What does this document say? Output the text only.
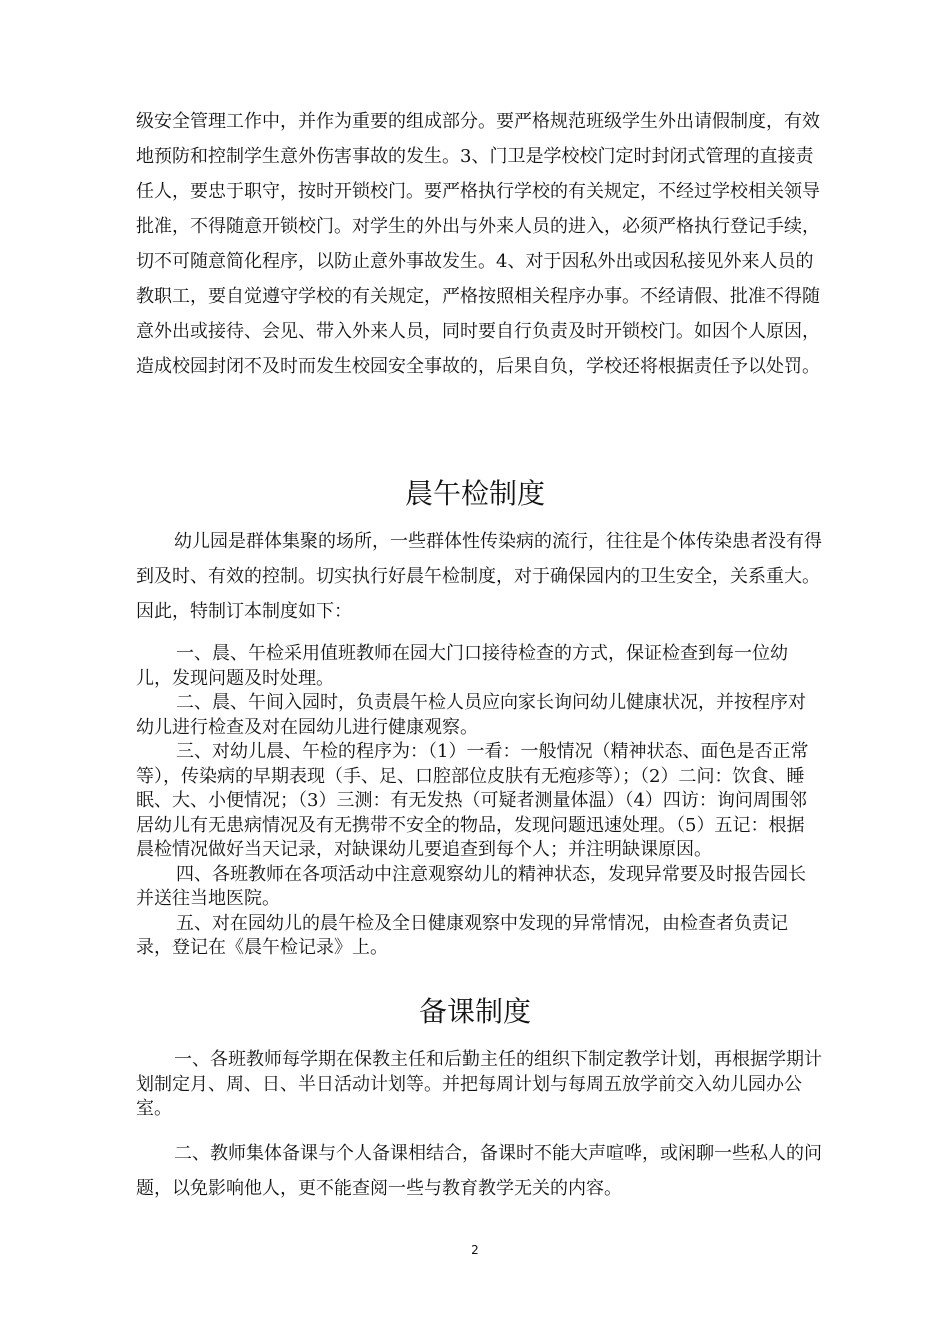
级安全管理工作中，并作为重要的组成部分。要严格规范班级学生外出请假制度，有效地预防和控制学生意外伤害事故的发生。3、门卫是学校校门定时封闭式管理的直接责任人，要忠于职守，按时开锁校门。要严格执行学校的有关规定，不经过学校相关领导批准，不得随意开锁校门。对学生的外出与外来人员的进入，必须严格执行登记手续，切不可随意简化程序，以防止意外事故发生。4、对于因私外出或因私接见外来人员的教职工，要自觉遵守学校的有关规定，严格按照相关程序办事。不经请假、批准不得随意外出或接待、会见、带入外来人员，同时要自行负责及时开锁校门。如因个人原因，造成校园封闭不及时而发生校园安全事故的，后果自负，学校还将根据责任予以处罚。

晨午检制度

幼儿园是群体集聚的场所，一些群体性传染病的流行，往往是个体传染患者没有得到及时、有效的控制。切实执行好晨午检制度，对于确保园内的卫生安全，关系重大。因此，特制订本制度如下：

一、晨、午检采用值班教师在园大门口接待检查的方式，保证检查到每一位幼儿，发现问题及时处理。

二、晨、午间入园时，负责晨午检人员应向家长询问幼儿健康状况，并按程序对幼儿进行检查及对在园幼儿进行健康观察。

三、对幼儿晨、午检的程序为：（1）一看：一般情况（精神状态、面色是否正常等），传染病的早期表现（手、足、口腔部位皮肤有无疱疹等）；（2）二问：饮食、睡眠、大、小便情况；（3）三测：有无发热（可疑者测量体温）（4）四访：询问周围邻居幼儿有无患病情况及有无携带不安全的物品，发现问题迅速处理。（5）五记：根据晨检情况做好当天记录，对缺课幼儿要追查到每个人；并注明缺课原因。

四、各班教师在各项活动中注意观察幼儿的精神状态，发现异常要及时报告园长并送往当地医院。

五、对在园幼儿的晨午检及全日健康观察中发现的异常情况，由检查者负责记录，登记在《晨午检记录》上。

备课制度

一、各班教师每学期在保教主任和后勤主任的组织下制定教学计划，再根据学期计划制定月、周、日、半日活动计划等。并把每周计划与每周五放学前交入幼儿园办公室。

二、教师集体备课与个人备课相结合，备课时不能大声喧哗，或闲聊一些私人的问题，以免影响他人，更不能查阅一些与教育教学无关的内容。

2
